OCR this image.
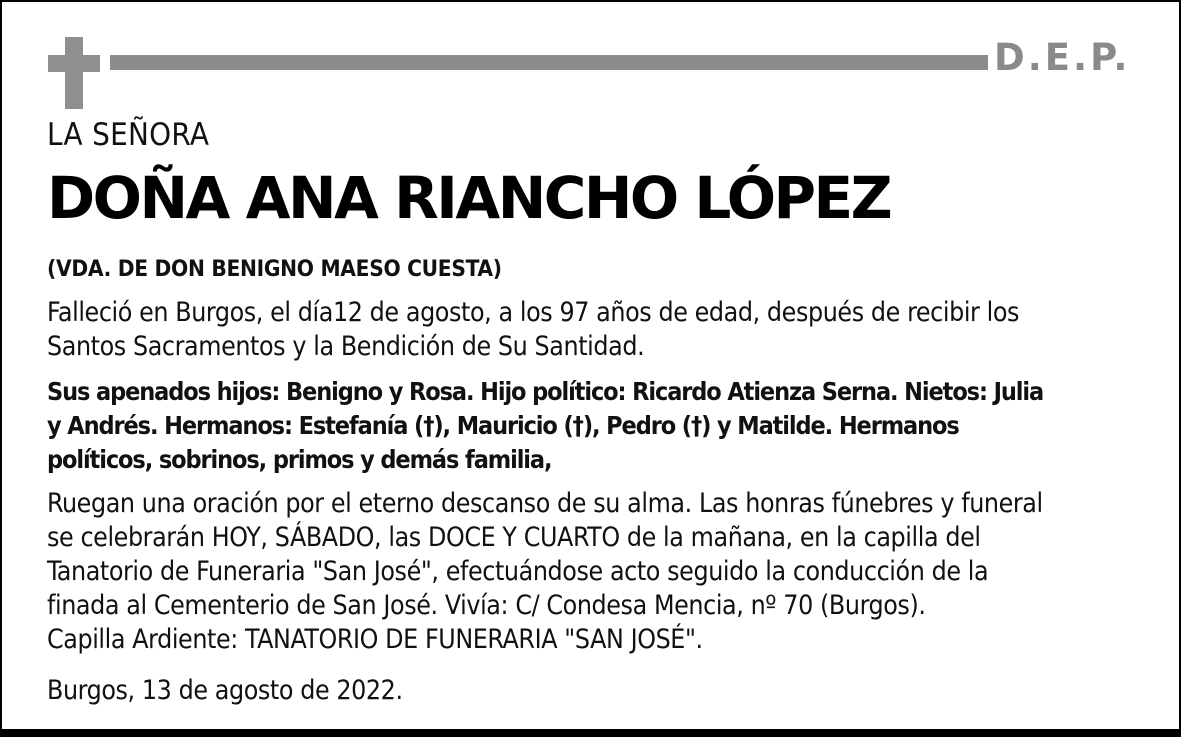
D.E.P.
LA SEÑORA
DOÑA ANA RIANCHO LÓPEZ
(VDA. DE DON BENIGNO MAESO CUESTA)
Falleció en Burgos, el día12 de agosto, a los 97 años de edad, después de recibir los
Santos Sacramentos y la Bendición de Su Santidad.
Sus apenados hijos: Benigno y Rosa. Hijo político: Ricardo Atienza Serna. Nietos: Julia
y Andrés. Hermanos: Estefanía (†), Mauricio (†), Pedro (†) y Matilde. Hermanos
políticos, sobrinos, primos y demás familia,
Ruegan una oración por el eterno descanso de su alma. Las honras fúnebres y funeral
se celebrarán HOY, SÁBADO, las DOCE Y CUARTO de la mañana, en la capilla del
Tanatorio de Funeraria "San José", efectuándose acto seguido la conducción de la
finada al Cementerio de San José. Vivía: C/ Condesa Mencia, nº 70 (Burgos).
Capilla Ardiente: TANATORIO DE FUNERARIA "SAN JOSÉ".
Burgos, 13 de agosto de 2022.
